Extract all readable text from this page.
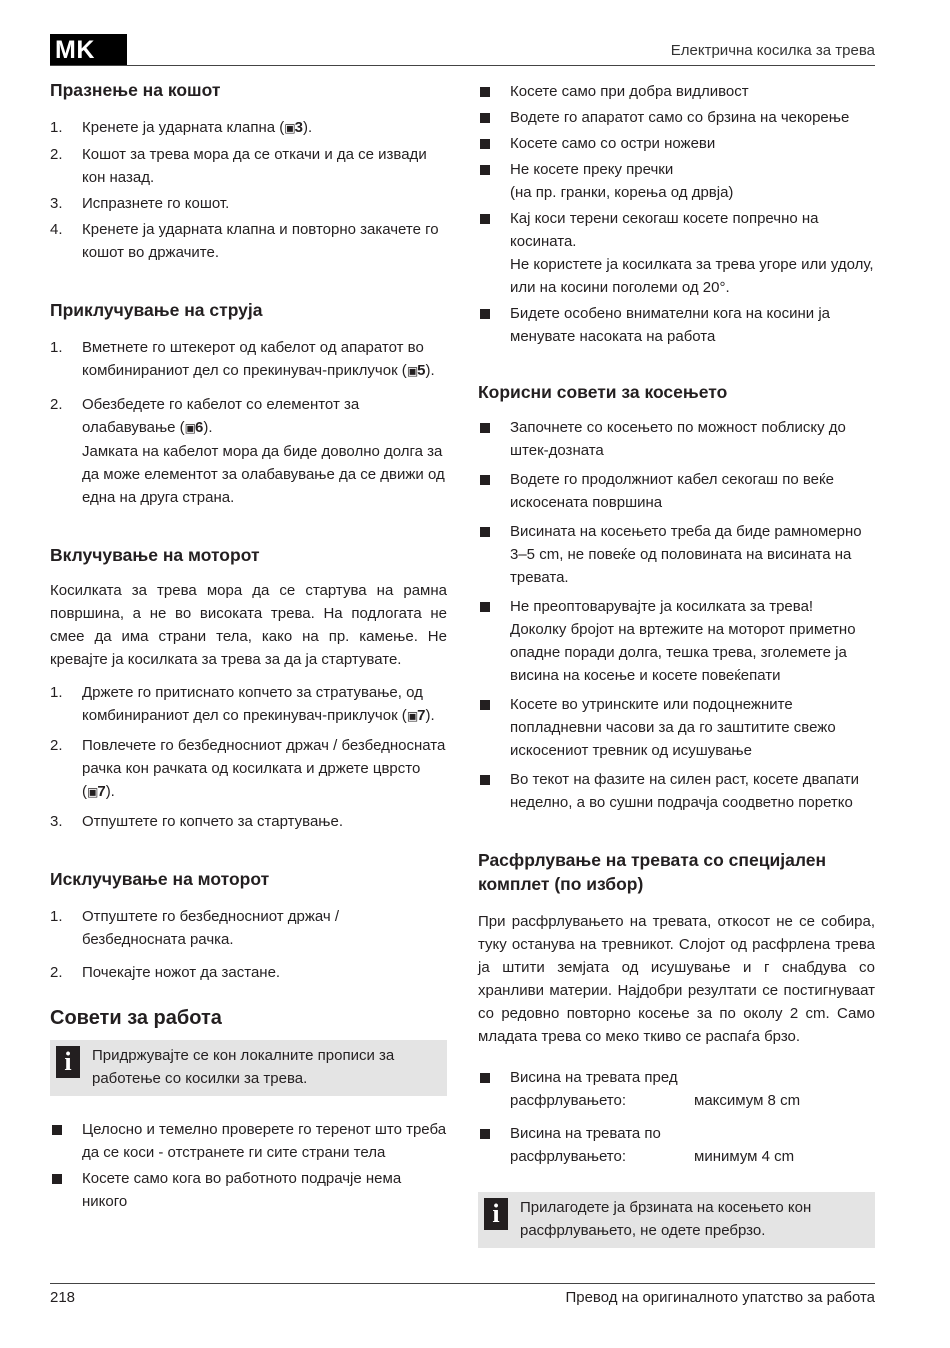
MK	Електрична косилка за трева
Празнење на кошот
1. Кренете ја ударната клапна (▣3).
2. Кошот за трева мора да се откачи и да се извади кон назад.
3. Испразнете го кошот.
4. Кренете ја ударната клапна и повторно закачете го кошот во држачите.
Приклучување на струја
1. Вметнете го штекерот од кабелот од апаратот во комбинираниот дел со прекинувач-приклучок (▣5).
2. Обезбедете го кабелот со елементот за олабавување (▣6).
Јамката на кабелот мора да биде доволно долга за да може елементот за олабавување да се движи од една на друга страна.
Вклучување на моторот

Косилката за трева мора да се стартува на рамна површина, а не во високата трева. На подлогата не смее да има страни тела, како на пр. камење. Не кревајте ја косилката за трева за да ја стартувате.

1. Држете го притиснато копчето за стратување, од комбинираниот дел со прекинувач-приклучок (▣7).
2. Повлечете го безбедносниот држач / безбедносната рачка кон рачката од косилката и држете цврсто (▣7).
3. Отпуштете го копчето за стартување.
Исклучување на моторот
1. Отпуштете го безбедносниот држач / безбедносната рачка.
2. Почекајте ножот да застане.
Совети за работа
i	Придржувајте се кон локалните прописи за работење со косилки за трева.
Целосно и темелно проверете го теренот што треба да се коси - отстранете ги сите страни тела
Косете само кога во работното подрачје нема никого
Косете само при добра видливост
Водете го апаратот само со брзина на чекорење
Косете само со остри ножеви
Не косете преку пречки
(на пр. гранки, корења од дрвја)
Кај коси терени секогаш косете попречно на косината.
Не користете ја косилката за трева угоре или удолу, или на косини поголеми од 20°.
Бидете особено внимателни кога на косини ја менувате насоката на работа
Корисни совети за косењето
Започнете со косењето по можност поблиску до штек-дозната
Водете го продолжниот кабел секогаш по веќе искосената површина
Висината на косењето треба да биде рамномерно 3–5 cm, не повеќе од половината на висината на тревата.
Не преоптоварувајте ја косилката за трева!
Доколку бројот на вртежите на моторот приметно опадне поради долга, тешка трева, зголемете ја висина на косење и косете повеќепати
Косете во утринските или подоцнежните попладневни часови за да го заштитите свежо искосениот тревник од исушување
Во текот на фазите на силен раст, косете двапати неделно, а во сушни подрачја соодветно поретко
Расфрлување на тревата со специјален комплет (по избор)

При расфрлувањето на тревата, откосот не се собира, туку останува на тревникот. Слојот од расфрлена трева ја штити земјата од исушување и г снабдува со хранливи материи. Најдобри резултати се постигнуваат со редовно повторно косење за по околу 2 cm. Само младата трева со меко ткиво се распаѓа брзо.

Висина на тревата пред расфрлувањето:	максимум 8 cm
Висина на тревата по расфрлувањето:	минимум 4 cm
i	Прилагодете ја брзината на косењето кон расфрлувањето, не одете пребрзо.
218	Превод на оригиналното упатство за работа
